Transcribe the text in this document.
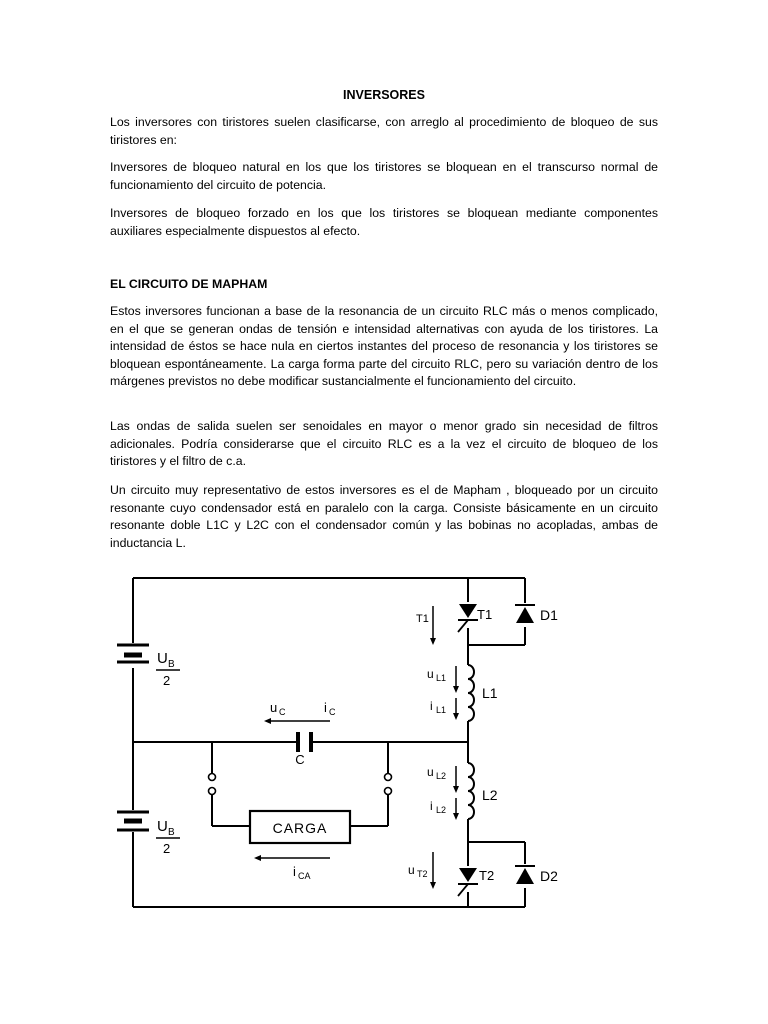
INVERSORES

Los inversores con tiristores suelen clasificarse, con arreglo al procedimiento de bloqueo de sus tiristores en:

Inversores de bloqueo natural en los que los tiristores se bloquean en el transcurso normal de funcionamiento del circuito de potencia.

Inversores de bloqueo forzado en los que los tiristores se bloquean mediante componentes auxiliares especialmente dispuestos al efecto.

EL CIRCUITO DE MAPHAM

Estos inversores funcionan a base de la resonancia de un circuito RLC más o menos complicado, en el que se generan ondas de tensión e intensidad alternativas con ayuda de los tiristores. La intensidad de éstos se hace nula en ciertos instantes del proceso de resonancia y los tiristores se bloquean espontáneamente. La carga forma parte del circuito RLC, pero su variación dentro de los márgenes previstos no debe modificar sustancialmente el funcionamiento del circuito.

Las ondas de salida suelen ser senoidales en mayor o menor grado sin necesidad de filtros adicionales. Podría considerarse que el circuito RLC es a la vez el circuito de bloqueo de los tiristores y el filtro de c.a.

Un circuito muy representativo de estos inversores es el de Mapham , bloqueado por un circuito resonante cuyo condensador está en paralelo con la carga. Consiste básicamente en un circuito resonante doble L1C y L2C con el condensador común y las bobinas no acopladas, ambas de inductancia L.

CARGA
T1	T1	D1
L1
L2
T2	D2
C
u L1
i L1
u L2
i L2
u T2
u C	i C
i CA
U B
2
U B
2
